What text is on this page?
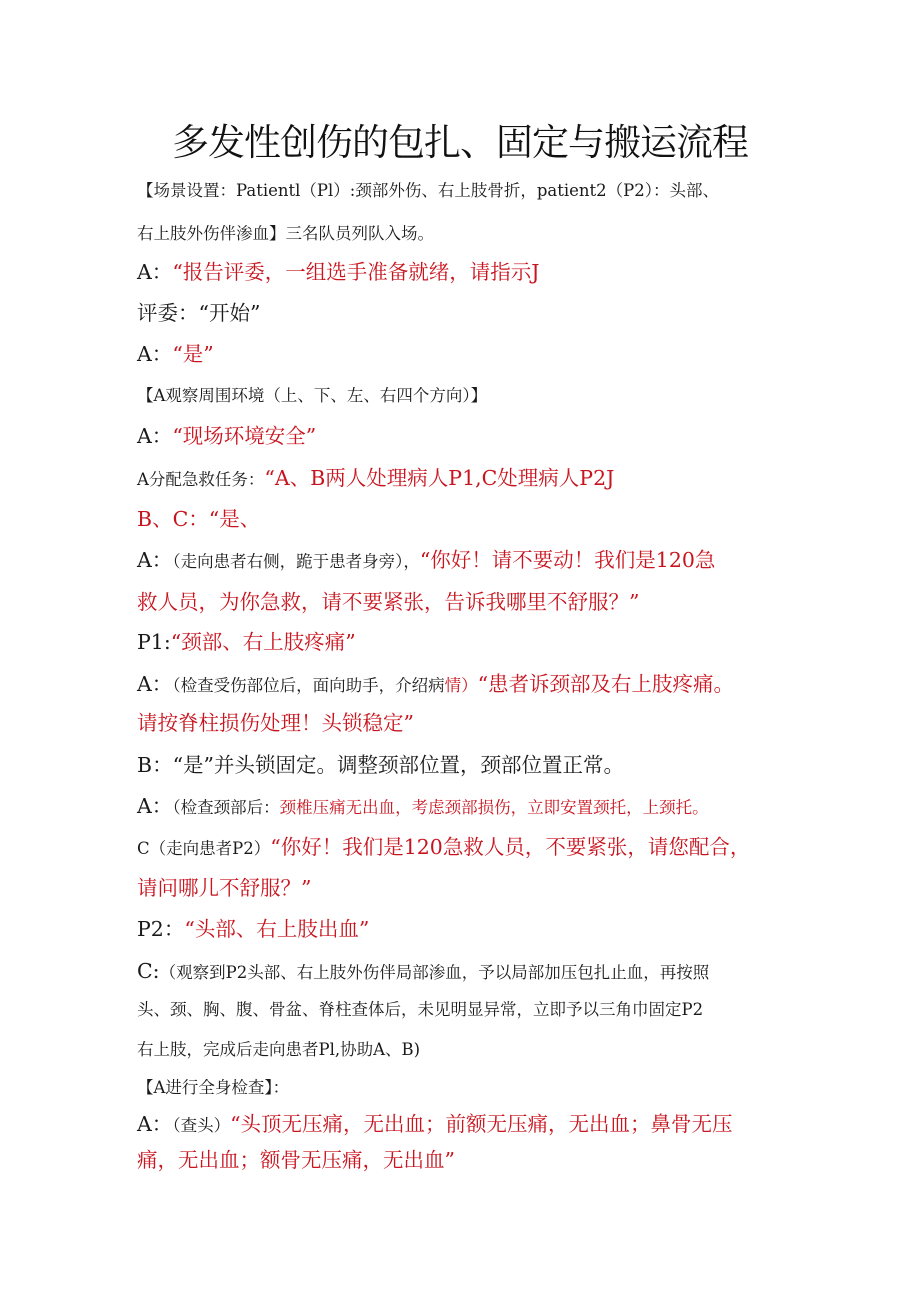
多发性创伤的包扎、固定与搬运流程
【场景设置：Patientl（Pl）:颈部外伤、右上肢骨折，patient2（P2）：头部、
右上肢外伤伴渗血】三名队员列队入场。
A：“报告评委，一组选手准备就绪，请指示J
评委：“开始”
A：“是”
【A观察周围环境（上、下、左、右四个方向）】
A：“现场环境安全”
A分配急救任务：“A、B两人处理病人P1,C处理病人P2J
B、C：“是、
A：（走向患者右侧，跪于患者身旁），“你好！请不要动！我们是120急
救人员，为你急救，请不要紧张，告诉我哪里不舒服？”
P1:“颈部、右上肢疼痛”
A：（检查受伤部位后，面向助手，介绍病情）“患者诉颈部及右上肢疼痛。
请按脊柱损伤处理！头锁稳定”
B：“是”并头锁固定。调整颈部位置，颈部位置正常。
A：（检查颈部后：颈椎压痛无出血，考虑颈部损伤，立即安置颈托，上颈托。
C（走向患者P2）“你好！我们是120急救人员，不要紧张，请您配合，
请问哪儿不舒服？”
P2：“头部、右上肢出血”
C:（观察到P2头部、右上肢外伤伴局部渗血，予以局部加压包扎止血，再按照
头、颈、胸、腹、骨盆、脊柱查体后，未见明显异常，立即予以三角巾固定P2
右上肢，完成后走向患者Pl,协助A、B)
【A进行全身检查】：
A：（查头）“头顶无压痛，无出血；前额无压痛，无出血；鼻骨无压
痛，无出血；额骨无压痛，无出血”
